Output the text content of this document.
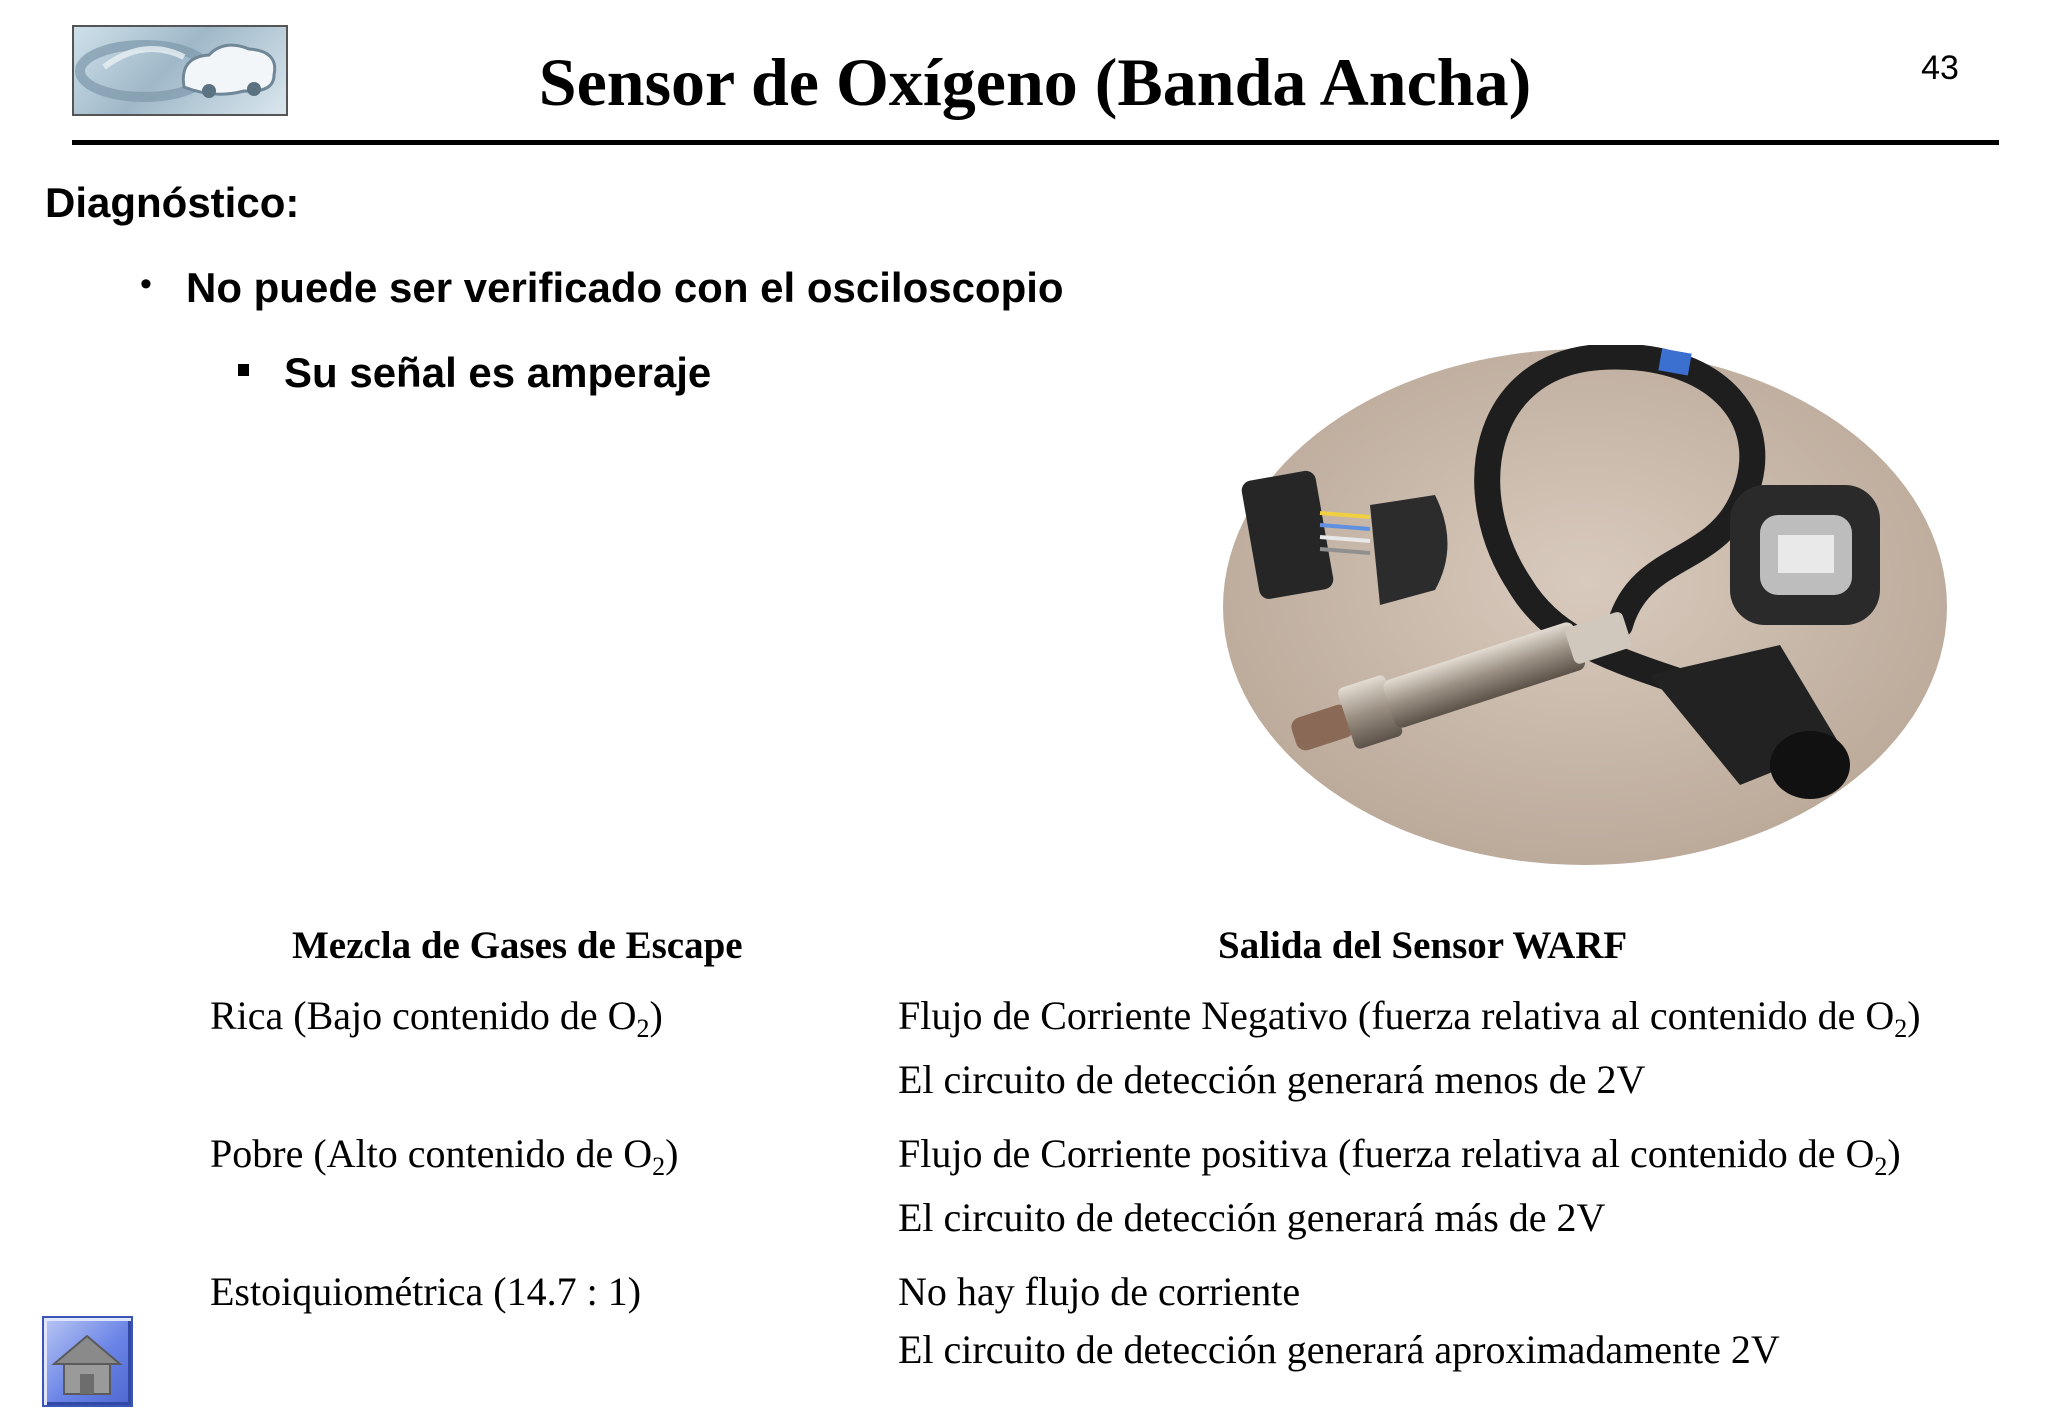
Sensor de Oxígeno (Banda Ancha)	43
Diagnóstico:
• No puede ser verificado con el osciloscopio
Su señal es amperaje
Mezcla de Gases de Escape	Salida del Sensor WARF
Rica (Bajo contenido de $O_2$)	Flujo de Corriente Negativo (fuerza relativa al contenido de $O_2$)
El circuito de detección generará menos de 2V
Pobre (Alto contenido de $O_2$)	Flujo de Corriente positiva (fuerza relativa al contenido de $O_2$)
El circuito de detección generará más de 2V
Estoiquiométrica (14.7 : 1)	No hay flujo de corriente
El circuito de detección generará aproximadamente 2V
